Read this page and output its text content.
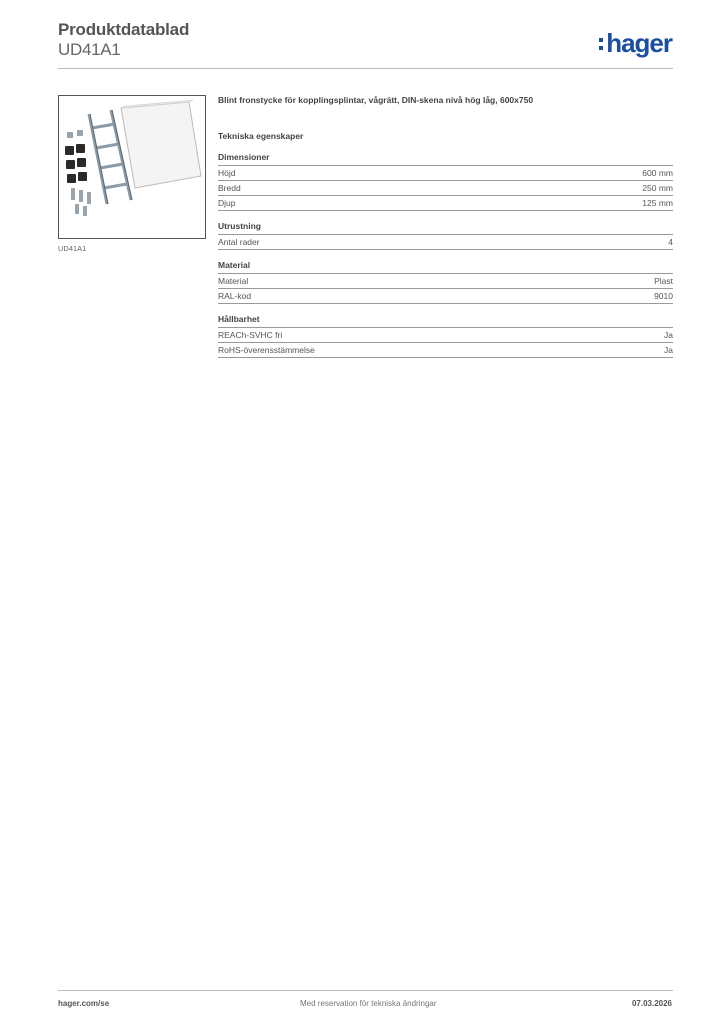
Produktdatablad
UD41A1	hager
UD41A1
Blint fronstycke för kopplingsplintar, vågrätt, DIN-skena nivå hög låg, 600x750
Tekniska egenskaper
Dimensioner
Höjd	600 mm
Bredd	250 mm
Djup	125 mm
Utrustning
Antal rader	4
Material
Material	Plast
RAL-kod	9010
Hållbarhet
REACh-SVHC fri	Ja
RoHS-överensstämmelse	Ja
hager.com/se	Med reservation för tekniska ändringar	07.03.2026
